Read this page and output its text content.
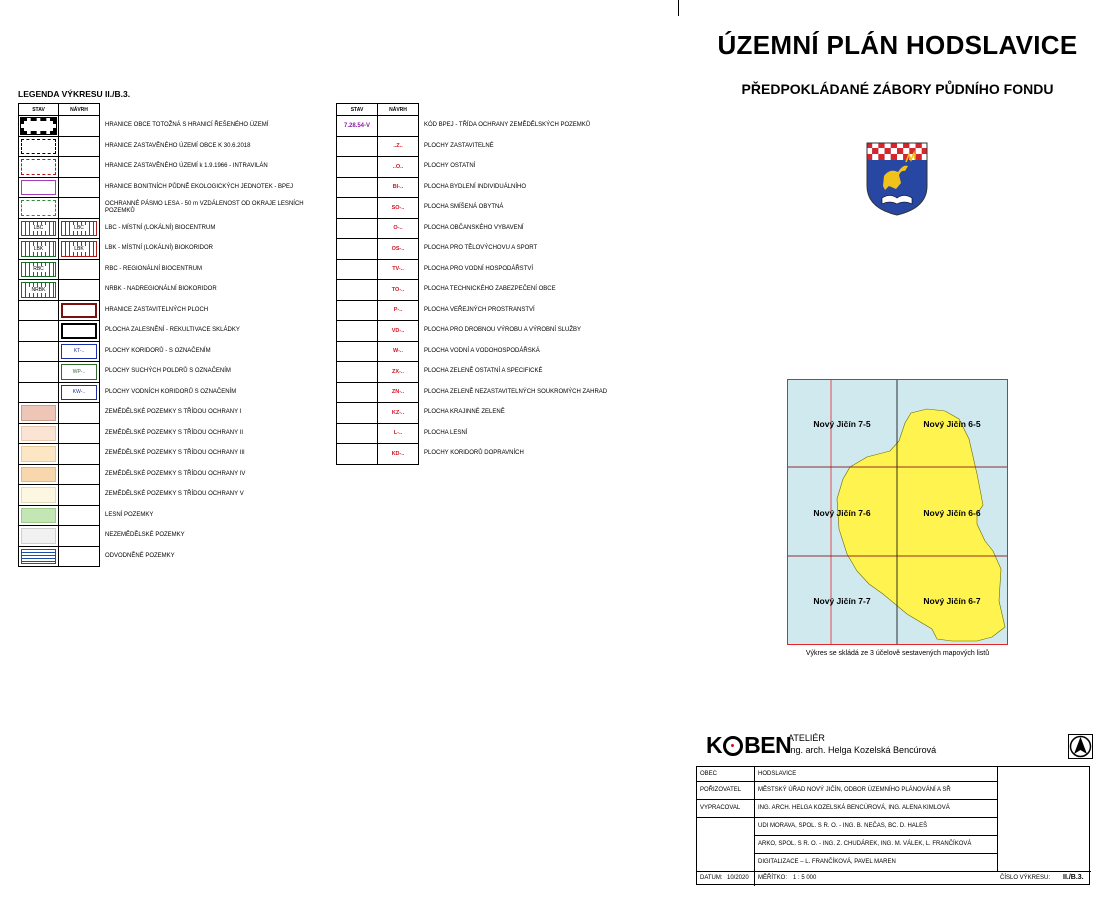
ÚZEMNÍ PLÁN HODSLAVICE
PŘEDPOKLÁDANÉ ZÁBORY PŮDNÍHO FONDU
LEGENDA VÝKRESU II./B.3.
STAV	NÁVRH	

		HRANICE OBCE TOTOŽNÁ S HRANICÍ ŘEŠENÉHO ÚZEMÍ

		HRANICE ZASTAVĚNÉHO ÚZEMÍ OBCE K 30.6.2018

		HRANICE ZASTAVĚNÉHO ÚZEMÍ k 1.9.1966 - INTRAVILÁN

		HRANICE BONITNÍCH PŮDNĚ EKOLOGICKÝCH JEDNOTEK - BPEJ

		OCHRANNÉ PÁSMO LESA - 50 m VZDÁLENOST OD OKRAJE LESNÍCH POZEMKŮ

LBC	LBC	LBC - MÍSTNÍ (LOKÁLNÍ) BIOCENTRUM

LBK	LBK	LBK - MÍSTNÍ (LOKÁLNÍ) BIOKORIDOR

RBC		RBC - REGIONÁLNÍ BIOCENTRUM

NRBK		NRBK - NADREGIONÁLNÍ BIOKORIDOR

	HRANICE ZASTAVITELNÝCH PLOCH

	PLOCHA ZALESNĚNÍ - REKULTIVACE SKLÁDKY

	KT-..	PLOCHY KORIDORŮ - S OZNAČENÍM

	WP-..	PLOCHY SUCHÝCH POLDRŮ S OZNAČENÍM

	KW-..	PLOCHY VODNÍCH KORIDORŮ S OZNAČENÍM

		ZEMĚDĚLSKÉ POZEMKY S TŘÍDOU OCHRANY I

		ZEMĚDĚLSKÉ POZEMKY S TŘÍDOU OCHRANY II

		ZEMĚDĚLSKÉ POZEMKY S TŘÍDOU OCHRANY III

		ZEMĚDĚLSKÉ POZEMKY S TŘÍDOU OCHRANY IV

		ZEMĚDĚLSKÉ POZEMKY S TŘÍDOU OCHRANY V

		LESNÍ POZEMKY

		NEZEMĚDĚLSKÉ POZEMKY

		ODVODNĚNÉ POZEMKY
STAV	NÁVRH	
7.28.54-V		KÓD BPEJ - TŘÍDA OCHRANY ZEMĚDĚLSKÝCH POZEMKŮ
	..Z..	PLOCHY ZASTAVITELNÉ
	..O..	PLOCHY OSTATNÍ
	BI-..	PLOCHA BYDLENÍ INDIVIDUÁLNÍHO
	SO-..	PLOCHA SMÍŠENÁ OBYTNÁ
	O-..	PLOCHA OBČANSKÉHO VYBAVENÍ
	OS-..	PLOCHA PRO TĚLOVÝCHOVU A SPORT
	TV-..	PLOCHA PRO VODNÍ HOSPODÁŘSTVÍ
	TO-..	PLOCHA TECHNICKÉHO ZABEZPEČENÍ OBCE
	P-..	PLOCHA VEŘEJNÝCH PROSTRANSTVÍ
	VD-..	PLOCHA PRO DROBNOU VÝROBU A VÝROBNÍ SLUŽBY
	W-..	PLOCHA VODNÍ A VODOHOSPODÁŘSKÁ
	ZX-..	PLOCHA ZELENĚ OSTATNÍ A SPECIFICKÉ
	ZN-..	PLOCHA ZELENĚ NEZASTAVITELNÝCH SOUKROMÝCH ZAHRAD
	KZ-..	PLOCHA KRAJINNÉ ZELENĚ
	L-..	PLOCHA LESNÍ
	KD-..	PLOCHY KORIDORŮ DOPRAVNÍCH
Nový Jičín 7-5	Nový Jičín 6-5
Nový Jičín 7-6	Nový Jičín 6-6
Nový Jičín 7-7	Nový Jičín 6-7
Výkres se skládá ze 3 účelově sestavených mapových listů
K BEN
ATELIÉR
Ing. arch. Helga Kozelská Bencúrová
OBEC	HODSLAVICE
POŘIZOVATEL	MĚSTSKÝ ÚŘAD NOVÝ JIČÍN, ODBOR ÚZEMNÍHO PLÁNOVÁNÍ A SŘ
VYPRACOVAL	ING. ARCH. HELGA KOZELSKÁ BENCÚROVÁ, ING. ALENA KIMLOVÁ
UDI MORAVA, SPOL. S R. O. - ING. B. NEČAS, BC. D. HALEŠ
ARKO, SPOL. S R. O. - ING. Z. CHUDÁREK, ING. M. VÁLEK, L. FRANČÍKOVÁ
DIGITALIZACE – L. FRANČÍKOVÁ, PAVEL MAREN
DATUM: 10/2020 MĚŘÍTKO: 1 : 5 000	ČÍSLO VÝKRESU: II./B.3.
